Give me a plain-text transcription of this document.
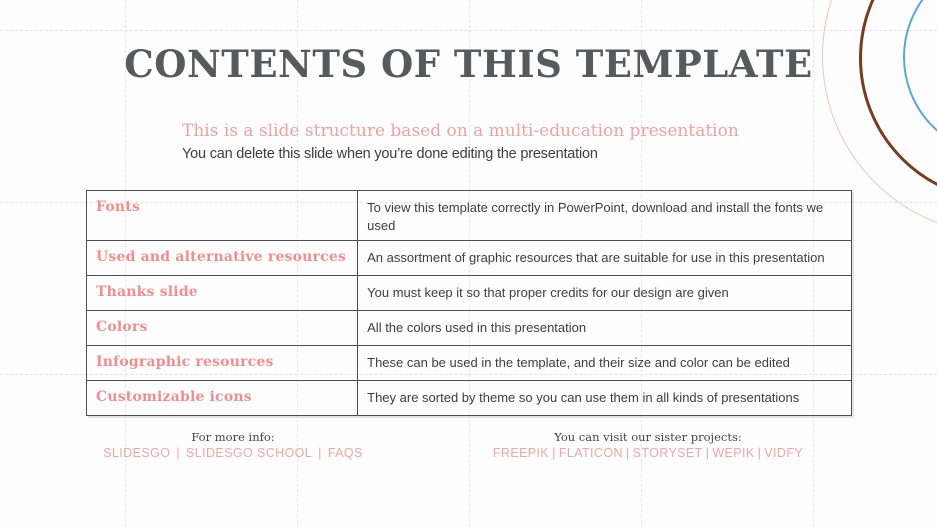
CONTENTS OF THIS TEMPLATE
This is a slide structure based on a multi-education presentation
You can delete this slide when you’re done editing the presentation
Fonts	To view this template correctly in PowerPoint, download and install the fonts we used
Used and alternative resources	An assortment of graphic resources that are suitable for use in this presentation
Thanks slide	You must keep it so that proper credits for our design are given
Colors	All the colors used in this presentation
Infographic resources	These can be used in the template, and their size and color can be edited
Customizable icons	They are sorted by theme so you can use them in all kinds of presentations
For more info:
SLIDESGO | SLIDESGO SCHOOL | FAQS
You can visit our sister projects:
FREEPIK | FLATICON | STORYSET | WEPIK | VIDFY
